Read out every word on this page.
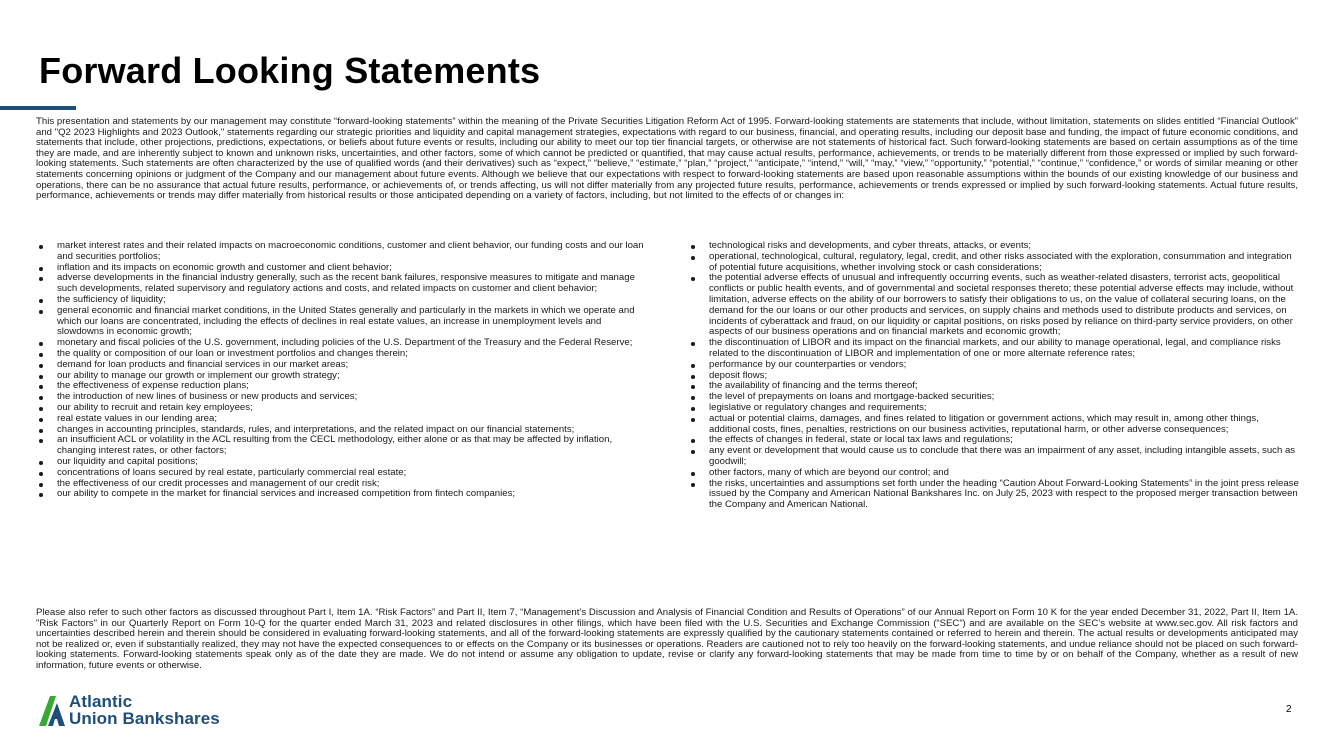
Forward Looking Statements

This presentation and statements by our management may constitute “forward-looking statements” within the meaning of the Private Securities Litigation Reform Act of 1995. Forward-looking statements are statements that include, without limitation, statements on slides entitled “Financial Outlook” and "Q2 2023 Highlights and 2023 Outlook," statements regarding our strategic priorities and liquidity and capital management strategies, expectations with regard to our business, financial, and operating results, including our deposit base and funding, the impact of future economic conditions, and statements that include, other projections, predictions, expectations, or beliefs about future events or results, including our ability to meet our top tier financial targets, or otherwise are not statements of historical fact. Such forward-looking statements are based on certain assumptions as of the time they are made, and are inherently subject to known and unknown risks, uncertainties, and other factors, some of which cannot be predicted or quantified, that may cause actual results, performance, achievements, or trends to be materially different from those expressed or implied by such forward-looking statements. Such statements are often characterized by the use of qualified words (and their derivatives) such as “expect,” “believe,” “estimate,” “plan,” “project,” “anticipate,” “intend,” “will,” “may,” “view,” “opportunity,” “potential,” “continue,” “confidence,” or words of similar meaning or other statements concerning opinions or judgment of the Company and our management about future events. Although we believe that our expectations with respect to forward-looking statements are based upon reasonable assumptions within the bounds of our existing knowledge of our business and operations, there can be no assurance that actual future results, performance, or achievements of, or trends affecting, us will not differ materially from any projected future results, performance, achievements or trends expressed or implied by such forward-looking statements. Actual future results, performance, achievements or trends may differ materially from historical results or those anticipated depending on a variety of factors, including, but not limited to the effects of or changes in:

market interest rates and their related impacts on macroeconomic conditions, customer and client behavior, our funding costs and our loan and securities portfolios;
inflation and its impacts on economic growth and customer and client behavior;
adverse developments in the financial industry generally, such as the recent bank failures, responsive measures to mitigate and manage such developments, related supervisory and regulatory actions and costs, and related impacts on customer and client behavior;
the sufficiency of liquidity;
general economic and financial market conditions, in the United States generally and particularly in the markets in which we operate and which our loans are concentrated, including the effects of declines in real estate values, an increase in unemployment levels and slowdowns in economic growth;
monetary and fiscal policies of the U.S. government, including policies of the U.S. Department of the Treasury and the Federal Reserve;
the quality or composition of our loan or investment portfolios and changes therein;
demand for loan products and financial services in our market areas;
our ability to manage our growth or implement our growth strategy;
the effectiveness of expense reduction plans;
the introduction of new lines of business or new products and services;
our ability to recruit and retain key employees;
real estate values in our lending area;
changes in accounting principles, standards, rules, and interpretations, and the related impact on our financial statements;
an insufficient ACL or volatility in the ACL resulting from the CECL methodology, either alone or as that may be affected by inflation, changing interest rates, or other factors;
our liquidity and capital positions;
concentrations of loans secured by real estate, particularly commercial real estate;
the effectiveness of our credit processes and management of our credit risk;
our ability to compete in the market for financial services and increased competition from fintech companies;
technological risks and developments, and cyber threats, attacks, or events;
operational, technological, cultural, regulatory, legal, credit, and other risks associated with the exploration, consummation and integration of potential future acquisitions, whether involving stock or cash considerations;
the potential adverse effects of unusual and infrequently occurring events, such as weather-related disasters, terrorist acts, geopolitical conflicts or public health events, and of governmental and societal responses thereto; these potential adverse effects may include, without limitation, adverse effects on the ability of our borrowers to satisfy their obligations to us, on the value of collateral securing loans, on the demand for the our loans or our other products and services, on supply chains and methods used to distribute products and services, on incidents of cyberattack and fraud, on our liquidity or capital positions, on risks posed by reliance on third-party service providers, on other aspects of our business operations and on financial markets and economic growth;
the discontinuation of LIBOR and its impact on the financial markets, and our ability to manage operational, legal, and compliance risks related to the discontinuation of LIBOR and implementation of one or more alternate reference rates;
performance by our counterparties or vendors;
deposit flows;
the availability of financing and the terms thereof;
the level of prepayments on loans and mortgage-backed securities;
legislative or regulatory changes and requirements;
actual or potential claims, damages, and fines related to litigation or government actions, which may result in, among other things, additional costs, fines, penalties, restrictions on our business activities, reputational harm, or other adverse consequences;
the effects of changes in federal, state or local tax laws and regulations;
any event or development that would cause us to conclude that there was an impairment of any asset, including intangible assets, such as goodwill;
other factors, many of which are beyond our control; and
the risks, uncertainties and assumptions set forth under the heading “Caution About Forward-Looking Statements” in the joint press release issued by the Company and American National Bankshares Inc. on July 25, 2023 with respect to the proposed merger transaction between the Company and American National.

Please also refer to such other factors as discussed throughout Part I, Item 1A. “Risk Factors” and Part II, Item 7, “Management’s Discussion and Analysis of Financial Condition and Results of Operations” of our Annual Report on Form 10 K for the year ended December 31, 2022, Part II, Item 1A. "Risk Factors" in our Quarterly Report on Form 10-Q for the quarter ended March 31, 2023 and related disclosures in other filings, which have been filed with the U.S. Securities and Exchange Commission (“SEC”) and are available on the SEC’s website at www.sec.gov. All risk factors and uncertainties described herein and therein should be considered in evaluating forward-looking statements, and all of the forward-looking statements are expressly qualified by the cautionary statements contained or referred to herein and therein. The actual results or developments anticipated may not be realized or, even if substantially realized, they may not have the expected consequences to or effects on the Company or its businesses or operations. Readers are cautioned not to rely too heavily on the forward-looking statements, and undue reliance should not be placed on such forward-looking statements. Forward-looking statements speak only as of the date they are made. We do not intend or assume any obligation to update, revise or clarify any forward-looking statements that may be made from time to time by or on behalf of the Company, whether as a result of new information, future events or otherwise.

Atlantic
Union Bankshares	2
